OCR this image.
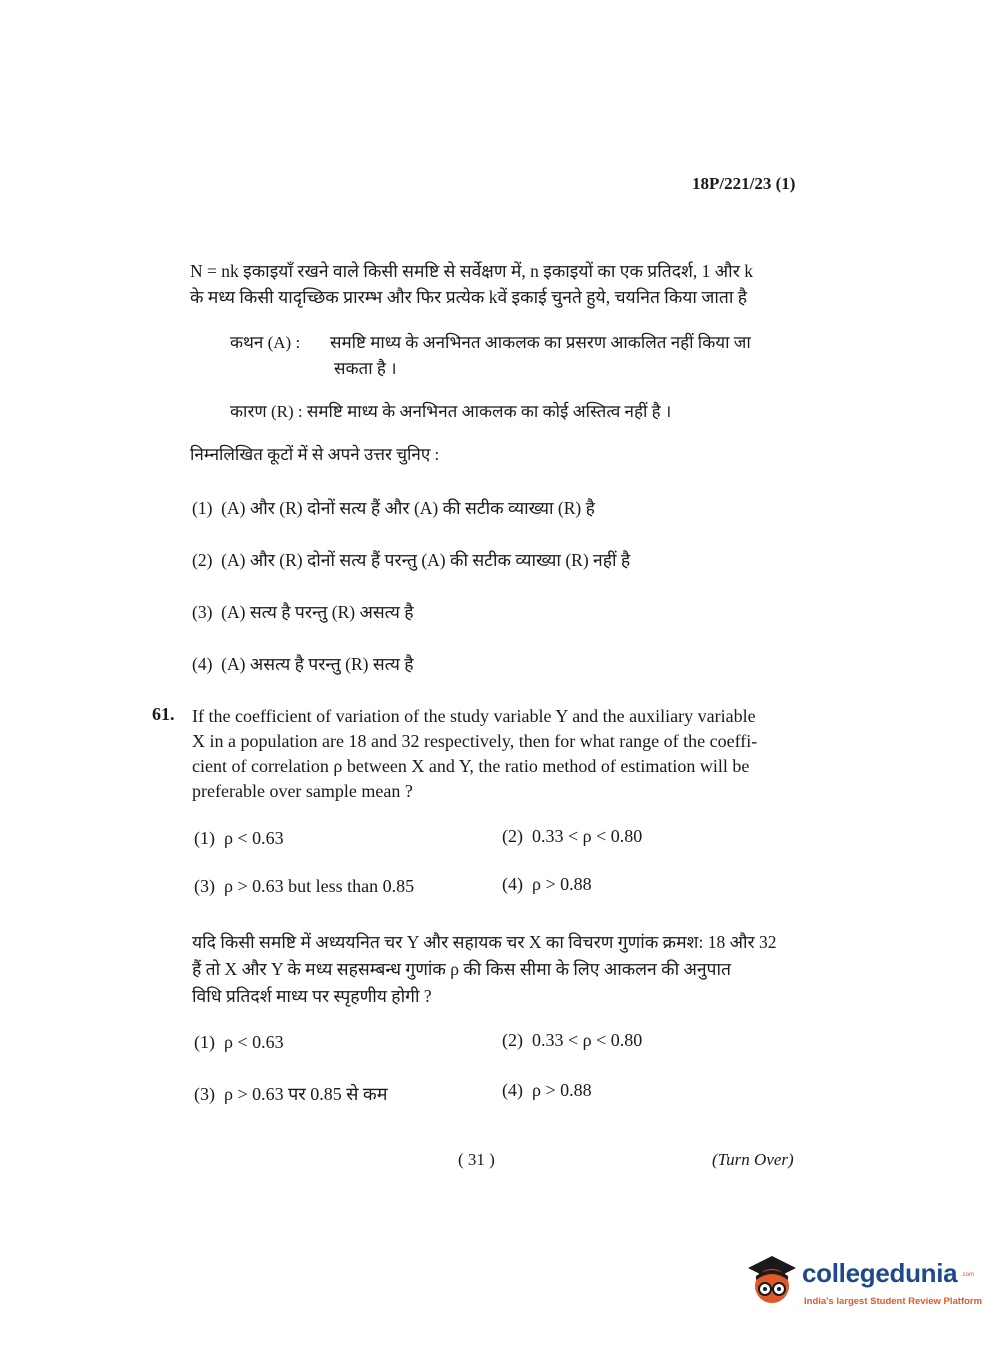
18P/221/23 (1)
N = nk इकाइयाँ रखने वाले किसी समष्टि से सर्वेक्षण में, n इकाइयों का एक प्रतिदर्श, 1 और k
के मध्य किसी यादृच्छिक प्रारम्भ और फिर प्रत्येक kवें इकाई चुनते हुये, चयनित किया जाता है
कथन (A) : समष्टि माध्य के अनभिनत आकलक का प्रसरण आकलित नहीं किया जा
सकता है ।
कारण (R) : समष्टि माध्य के अनभिनत आकलक का कोई अस्तित्व नहीं है ।
निम्नलिखित कूटों में से अपने उत्तर चुनिए :
(1) (A) और (R) दोनों सत्य हैं और (A) की सटीक व्याख्या (R) है
(2) (A) और (R) दोनों सत्य हैं परन्तु (A) की सटीक व्याख्या (R) नहीं है
(3) (A) सत्य है परन्तु (R) असत्य है
(4) (A) असत्य है परन्तु (R) सत्य है
61. If the coefficient of variation of the study variable Y and the auxiliary variable
X in a population are 18 and 32 respectively, then for what range of the coeffi-
cient of correlation ρ between X and Y, the ratio method of estimation will be
preferable over sample mean ?
(1) ρ < 0.63	(2) 0.33 < ρ < 0.80
(3) ρ > 0.63 but less than 0.85	(4) ρ > 0.88
यदि किसी समष्टि में अध्ययनित चर Y और सहायक चर X का विचरण गुणांक क्रमश: 18 और 32
हैं तो X और Y के मध्य सहसम्बन्ध गुणांक ρ की किस सीमा के लिए आकलन की अनुपात
विधि प्रतिदर्श माध्य पर स्पृहणीय होगी ?
(1) ρ < 0.63	(2) 0.33 < ρ < 0.80
(3) ρ > 0.63 पर 0.85 से कम	(4) ρ > 0.88
( 31 )	(Turn Over)
collegedunia .com
India's largest Student Review Platform
